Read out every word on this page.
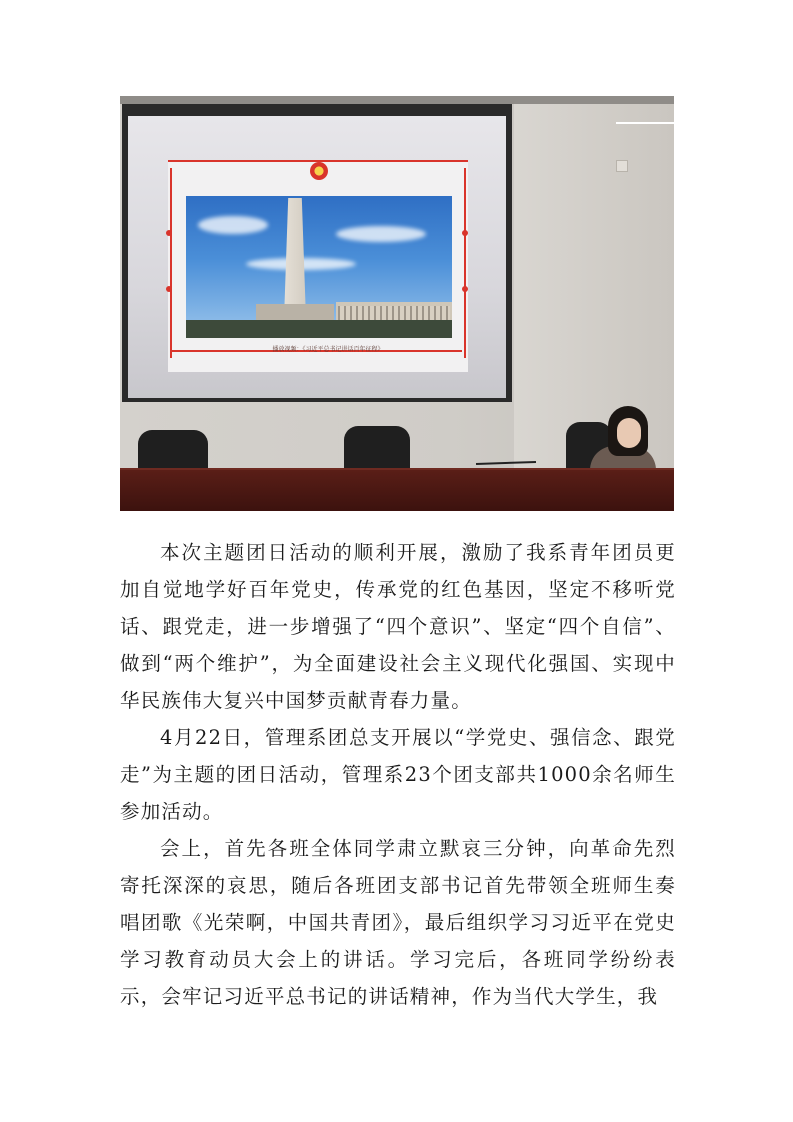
播放视频：《习近平总书记讲话百年征程》

本次主题团日活动的顺利开展，激励了我系青年团员更加自觉地学好百年党史，传承党的红色基因，坚定不移听党话、跟党走，进一步增强了“四个意识”、坚定“四个自信”、做到“两个维护”，为全面建设社会主义现代化强国、实现中华民族伟大复兴中国梦贡献青春力量。

4月22日，管理系团总支开展以“学党史、强信念、跟党走”为主题的团日活动，管理系23个团支部共1000余名师生参加活动。

会上，首先各班全体同学肃立默哀三分钟，向革命先烈寄托深深的哀思，随后各班团支部书记首先带领全班师生奏唱团歌《光荣啊，中国共青团》，最后组织学习习近平在党史学习教育动员大会上的讲话。学习完后，各班同学纷纷表示，会牢记习近平总书记的讲话精神，作为当代大学生，我
